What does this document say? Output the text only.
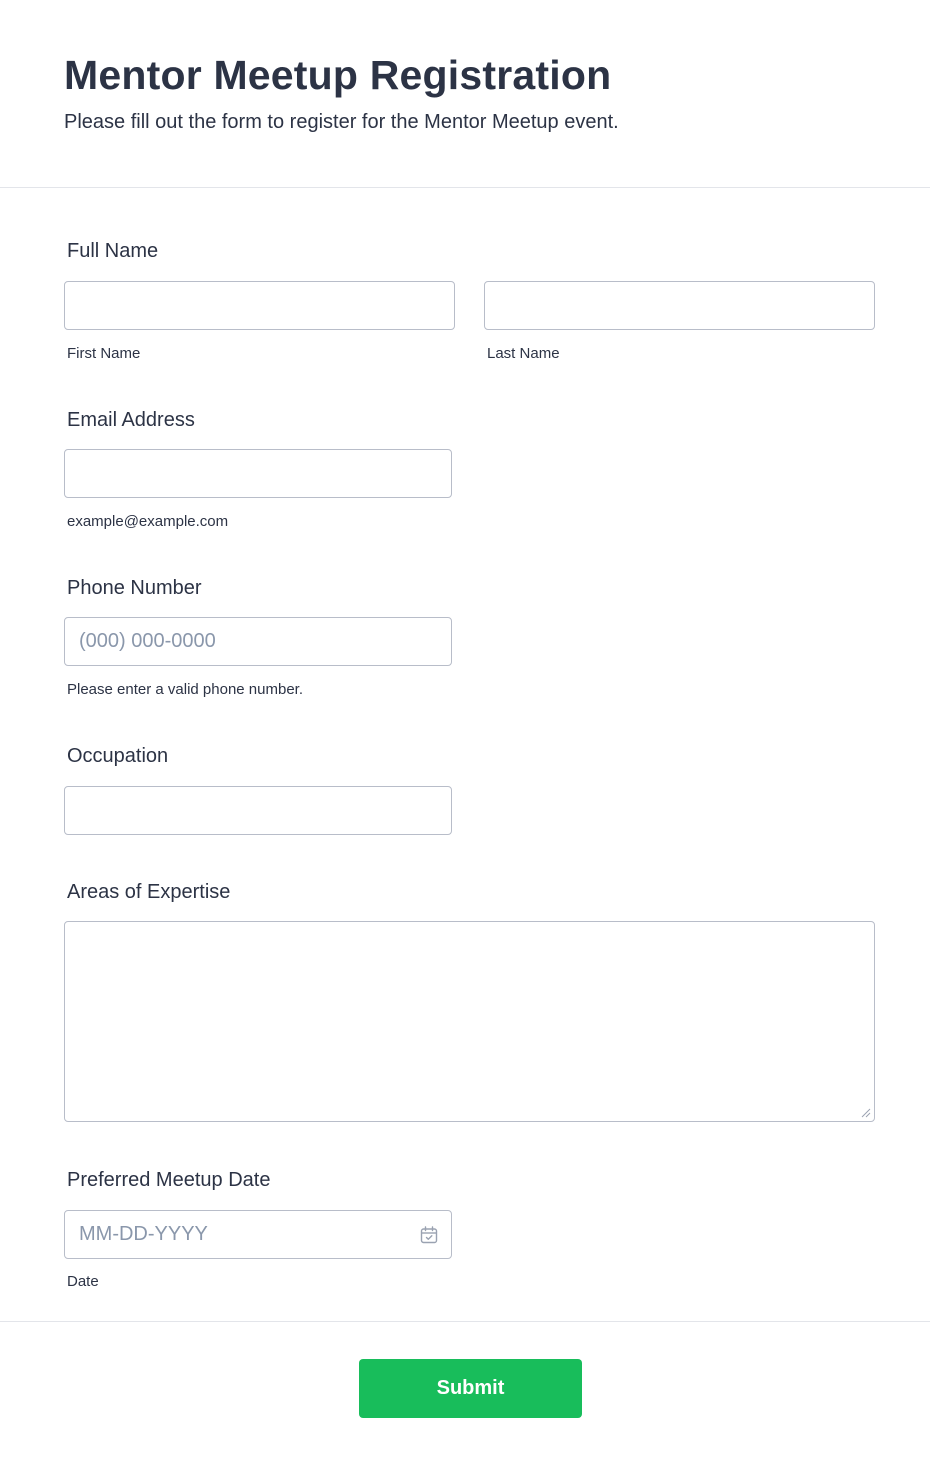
Mentor Meetup Registration

Please fill out the form to register for the Mentor Meetup event.

Full Name
First Name	Last Name
Email Address
example@example.com
Phone Number
(000) 000-0000
Please enter a valid phone number.
Occupation
Areas of Expertise
Preferred Meetup Date
MM-DD-YYYY
Date
Submit
